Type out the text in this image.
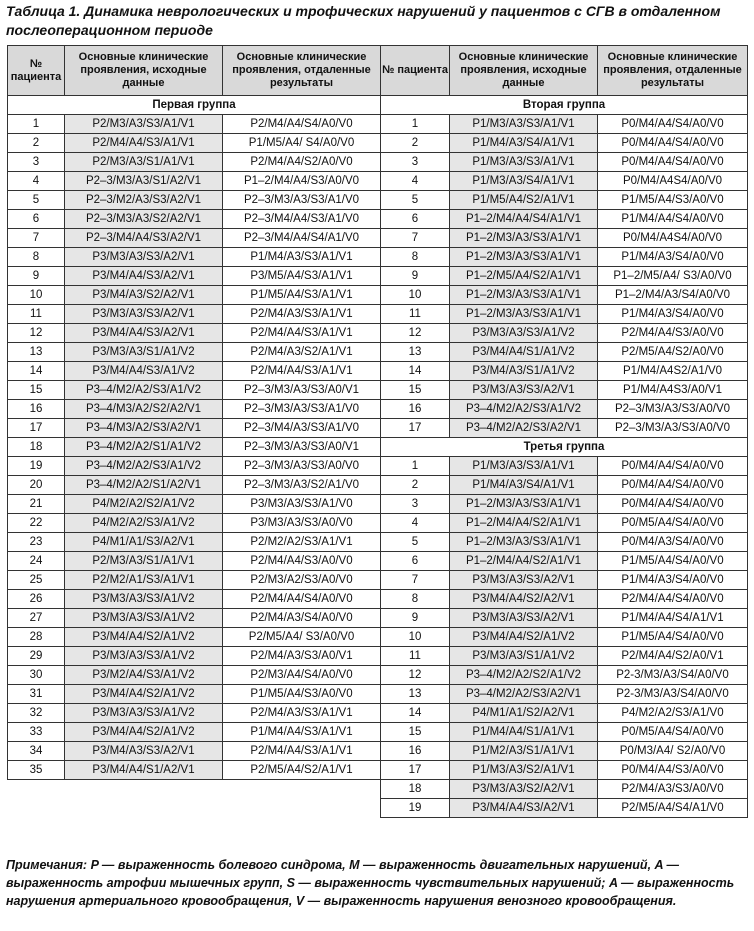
Таблица 1. Динамика неврологических и трофических нарушений у пациентов с СГВ в отдаленном послеоперационном периоде
№ пациента	Основные клинические проявления, исходные данные	Основные клинические проявления, отдаленные результаты
Первая группа		
1	P2/M3/A3/S3/A1/V1	P2/M4/A4/S4/A0/V0
2	P2/M4/A4/S3/A1/V1	P1/M5/A4/ S4/A0/V0
3	P2/M3/A3/S1/A1/V1	P2/M4/A4/S2/A0/V0
4	P2–3/M3/A3/S1/A2/V1	P1–2/M4/A4/S3/A0/V0
5	P2–3/M2/A3/S3/A2/V1	P2–3/M3/A3/S3/A1/V0
6	P2–3/M3/A3/S2/A2/V1	P2–3/M4/A4/S3/A1/V0
7	P2–3/M4/A4/S3/A2/V1	P2–3/M4/A4/S4/A1/V0
8	P3/M3/A3/S3/A2/V1	P1/M4/A3/S3/A1/V1
9	P3/M4/A4/S3/A2/V1	P3/M5/A4/S3/A1/V1
10	P3/M4/A3/S2/A2/V1	P1/M5/A4/S3/A1/V1
11	P3/M3/A3/S3/A2/V1	P2/M4/A3/S3/A1/V1
12	P3/M4/A4/S3/A2/V1	P2/M4/A4/S3/A1/V1
13	P3/M3/A3/S1/A1/V2	P2/M4/A3/S2/A1/V1
14	P3/M4/A4/S3/A1/V2	P2/M4/A4/S3/A1/V1
15	P3–4/M2/A2/S3/A1/V2	P2–3/M3/A3/S3/A0/V1
16	P3–4/M3/A2/S2/A2/V1	P2–3/M3/A3/S3/A1/V0
17	P3–4/M3/A2/S3/A2/V1	P2–3/M4/A3/S3/A1/V0
18	P3–4/M2/A2/S1/A1/V2	P2–3/M3/A3/S3/A0/V1
19	P3–4/M2/A2/S3/A1/V2	P2–3/M3/A3/S3/A0/V0
20	P3–4/M2/A2/S1/A2/V1	P2–3/M3/A3/S2/A1/V0
21	P4/M2/A2/S2/A1/V2	P3/M3/A3/S3/A1/V0
22	P4/M2/A2/S3/A1/V2	P3/M3/A3/S3/A0/V0
23	P4/M1/A1/S3/A2/V1	P2/M2/A2/S3/A1/V1
24	P2/M3/A3/S1/A1/V1	P2/M4/A4/S3/A0/V0
25	P2/M2/A1/S3/A1/V1	P2/M3/A2/S3/A0/V0
26	P3/M3/A3/S3/A1/V2	P2/M4/A4/S4/A0/V0
27	P3/M3/A3/S3/A1/V2	P2/M4/A3/S4/A0/V0
28	P3/M4/A4/S2/A1/V2	P2/M5/A4/ S3/A0/V0
29	P3/M3/A3/S3/A1/V2	P2/M4/A3/S3/A0/V1
30	P3/M2/A4/S3/A1/V2	P2/M3/A4/S4/A0/V0
31	P3/M4/A4/S2/A1/V2	P1/M5/A4/S3/A0/V0
32	P3/M3/A3/S3/A1/V2	P2/M4/A3/S3/A1/V1
33	P3/M4/A4/S2/A1/V2	P1/M4/A4/S3/A1/V1
34	P3/M4/A3/S3/A2/V1	P2/M4/A4/S3/A1/V1
35	P3/M4/A4/S1/A2/V1	P2/M5/A4/S2/A1/V1
№ пациента	Основные клинические проявления, исходные данные	Основные клинические проявления, отдаленные результаты
Вторая группа		
1	P1/M3/A3/S3/A1/V1	P0/M4/A4/S4/A0/V0
2	P1/M4/A3/S4/A1/V1	P0/M4/A4/S4/A0/V0
3	P1/M3/A3/S3/A1/V1	P0/M4/A4/S4/A0/V0
4	P1/M3/A3/S4/A1/V1	P0/M4/A4S4/A0/V0
5	P1/M5/A4/S2/A1/V1	P1/M5/A4/S3/A0/V0
6	P1–2/M4/A4/S4/A1/V1	P1/M4/A4/S4/A0/V0
7	P1–2/M3/A3/S3/A1/V1	P0/M4/A4S4/A0/V0
8	P1–2/M3/A3/S3/A1/V1	P1/M4/A3/S4/A0/V0
9	P1–2/M5/A4/S2/A1/V1	P1–2/M5/A4/ S3/A0/V0
10	P1–2/M3/A3/S3/A1/V1	P1–2/M4/A3/S4/A0/V0
11	P1–2/M3/A3/S3/A1/V1	P1/M4/A3/S4/A0/V0
12	P3/M3/A3/S3/A1/V2	P2/M4/A4/S3/A0/V0
13	P3/M4/A4/S1/A1/V2	P2/M5/A4/S2/A0/V0
14	P3/M4/A3/S1/A1/V2	P1/M4/A4S2/A1/V0
15	P3/M3/A3/S3/A2/V1	P1/M4/A4S3/A0/V1
16	P3–4/M2/A2/S3/A1/V2	P2–3/M3/A3/S3/A0/V0
17	P3–4/M2/A2/S3/A2/V1	P2–3/M3/A3/S3/A0/V0
Третья группа		
1	P1/M3/A3/S3/A1/V1	P0/M4/A4/S4/A0/V0
2	P1/M4/A3/S4/A1/V1	P0/M4/A4/S4/A0/V0
3	P1–2/M3/A3/S3/A1/V1	P0/M4/A4/S4/A0/V0
4	P1–2/M4/A4/S2/A1/V1	P0/M5/A4/S4/A0/V0
5	P1–2/M3/A3/S3/A1/V1	P0/M4/A3/S4/A0/V0
6	P1–2/M4/A4/S2/A1/V1	P1/M5/A4/S4/A0/V0
7	P3/M3/A3/S3/A2/V1	P1/M4/A3/S4/A0/V0
8	P3/M4/A4/S2/A2/V1	P2/M4/A4/S4/A0/V0
9	P3/M3/A3/S3/A2/V1	P1/M4/A4/S4/A1/V1
10	P3/M4/A4/S2/A1/V2	P1/M5/A4/S4/A0/V0
11	P3/M3/A3/S1/A1/V2	P2/M4/A4/S2/A0/V1
12	P3–4/M2/A2/S2/A1/V2	P2-3/M3/A3/S4/A0/V0
13	P3–4/M2/A2/S3/A2/V1	P2-3/M3/A3/S4/A0/V0
14	P4/M1/A1/S2/A2/V1	P4/M2/A2/S3/A1/V0
15	P1/M4/A4/S1/A1/V1	P0/M5/A4/S4/A0/V0
16	P1/M2/A3/S1/A1/V1	P0/M3/A4/ S2/A0/V0
17	P1/M3/A3/S2/A1/V1	P0/M4/A4/S3/A0/V0
18	P3/M3/A3/S2/A2/V1	P2/M4/A3/S3/A0/V0
19	P3/M4/A4/S3/A2/V1	P2/M5/A4/S4/A1/V0
Примечания: P — выраженность болевого синдрома, M — выраженность двигательных нарушений, A — выраженность атрофии мышечных групп, S — выраженность чувствительных нарушений; A — выраженность нарушения артериального кровообращения, V — выраженность нарушения венозного кровообращения.
